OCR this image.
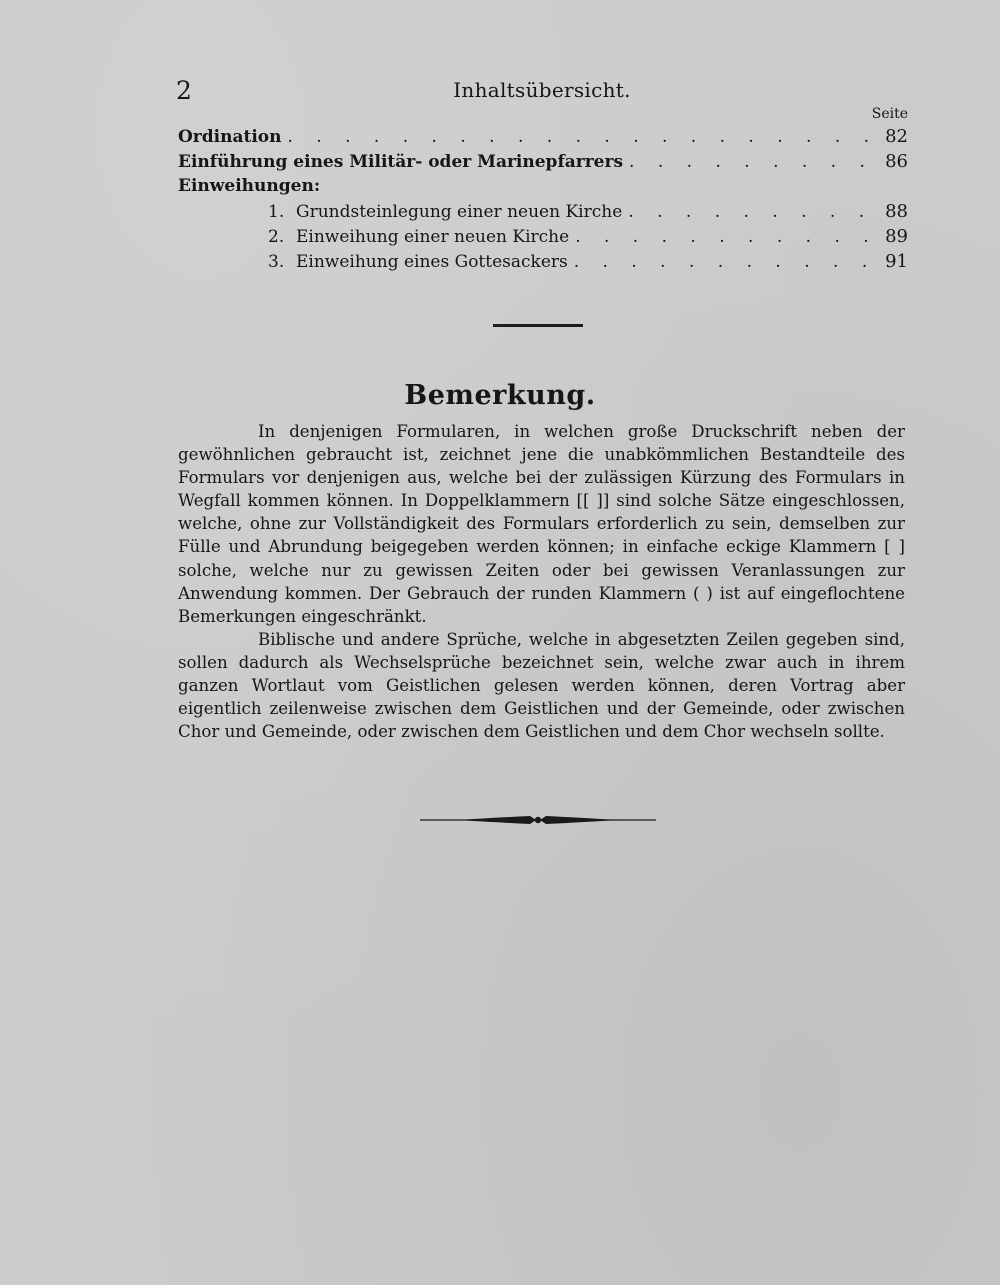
2	Inhaltsübersicht.
Seite
Ordination . . .	82
Einführung eines Militär- oder Marinepfarrers . . .	86
Einweihungen:
1. Grundsteinlegung einer neuen Kirche . . .	88
2. Einweihung einer neuen Kirche . . .	89
3. Einweihung eines Gottesackers . . .	91
Bemerkung.

In denjenigen Formularen, in welchen große Druckschrift neben der gewöhnlichen gebraucht ist, zeichnet jene die unabkömmlichen Bestandteile des Formulars vor denjenigen aus, welche bei der zulässigen Kürzung des Formulars in Wegfall kommen können. In Doppelklammern [[ ]] sind solche Sätze eingeschlossen, welche, ohne zur Vollständigkeit des Formulars erforderlich zu sein, demselben zur Fülle und Abrundung beigegeben werden können; in einfache eckige Klammern [ ] solche, welche nur zu gewissen Zeiten oder bei gewissen Veranlassungen zur Anwendung kommen. Der Gebrauch der runden Klammern ( ) ist auf eingeflochtene Bemerkungen eingeschränkt.

Biblische und andere Sprüche, welche in abgesetzten Zeilen gegeben sind, sollen dadurch als Wechselsprüche bezeichnet sein, welche zwar auch in ihrem ganzen Wortlaut vom Geistlichen gelesen werden können, deren Vortrag aber eigentlich zeilenweise zwischen dem Geistlichen und der Gemeinde, oder zwischen Chor und Gemeinde, oder zwischen dem Geistlichen und dem Chor wechseln sollte.
